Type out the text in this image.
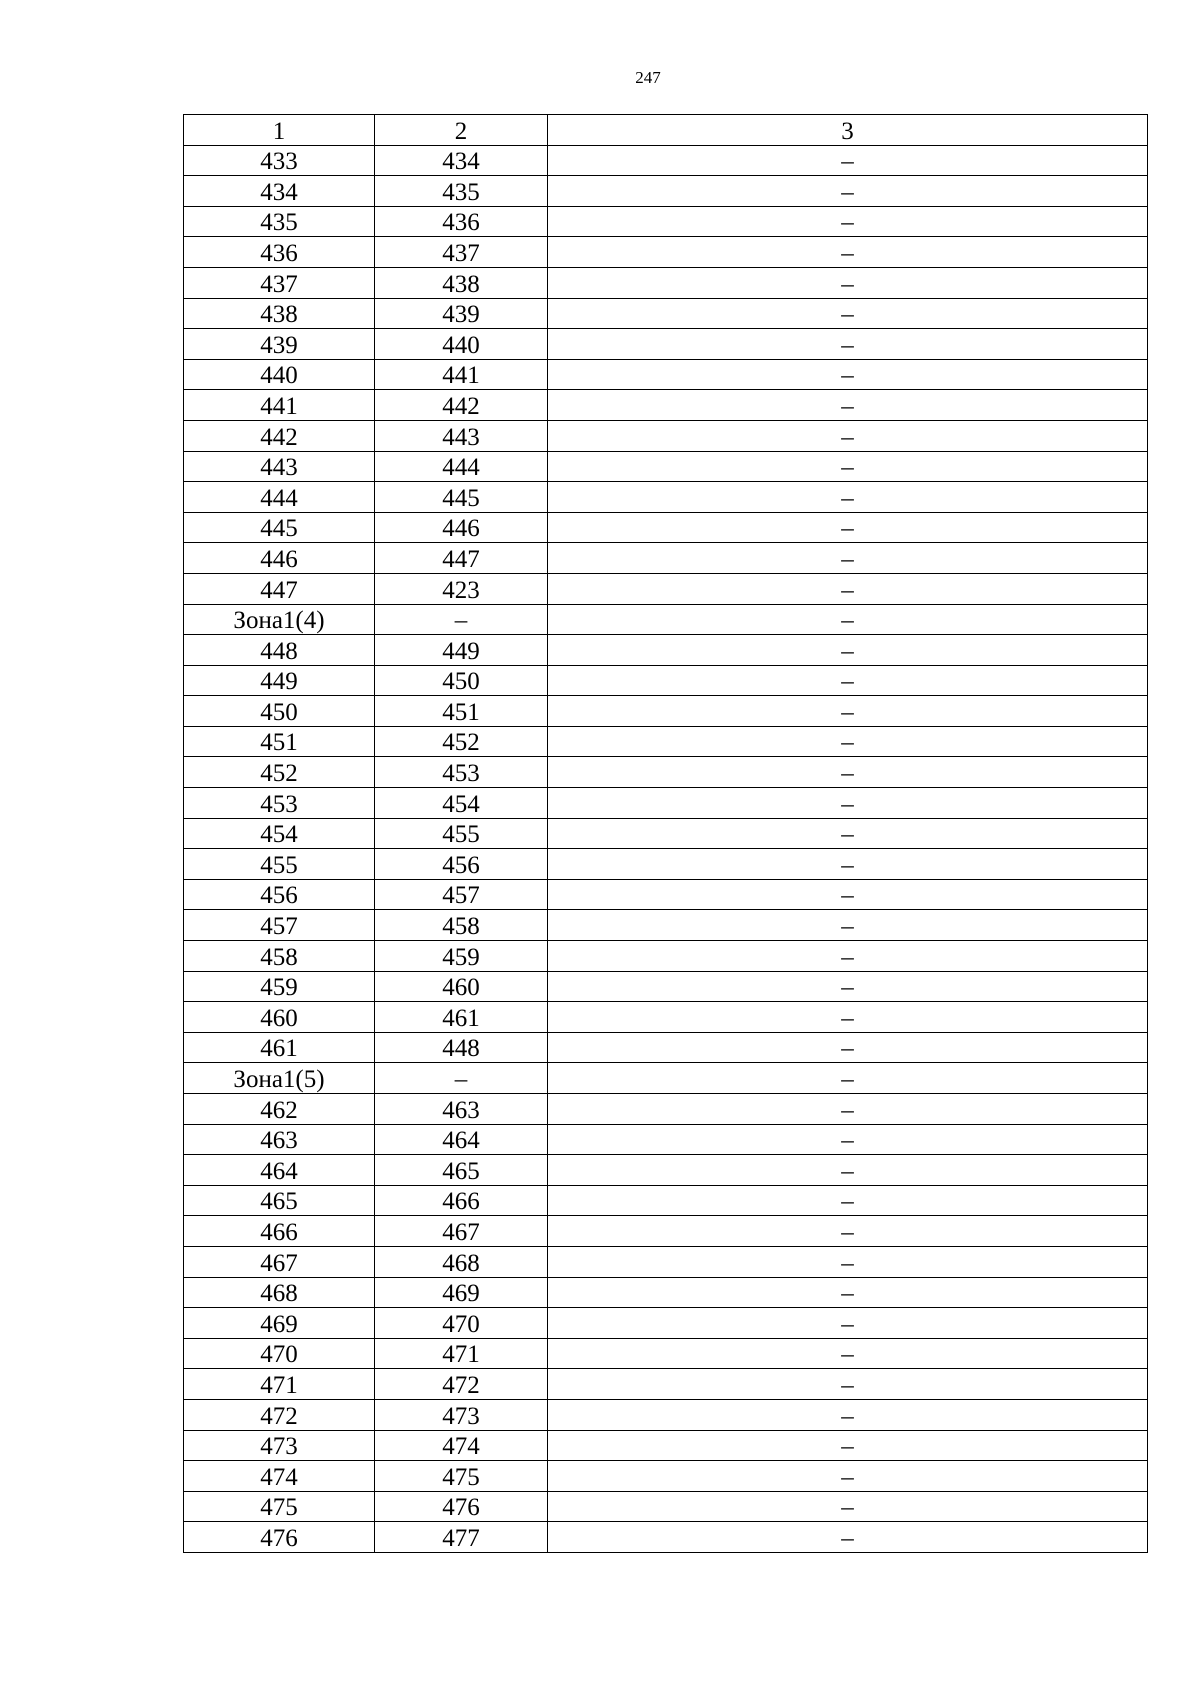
247
1	2	3
433	434	–
434	435	–
435	436	–
436	437	–
437	438	–
438	439	–
439	440	–
440	441	–
441	442	–
442	443	–
443	444	–
444	445	–
445	446	–
446	447	–
447	423	–
Зона1(4)	–	–
448	449	–
449	450	–
450	451	–
451	452	–
452	453	–
453	454	–
454	455	–
455	456	–
456	457	–
457	458	–
458	459	–
459	460	–
460	461	–
461	448	–
Зона1(5)	–	–
462	463	–
463	464	–
464	465	–
465	466	–
466	467	–
467	468	–
468	469	–
469	470	–
470	471	–
471	472	–
472	473	–
473	474	–
474	475	–
475	476	–
476	477	–
